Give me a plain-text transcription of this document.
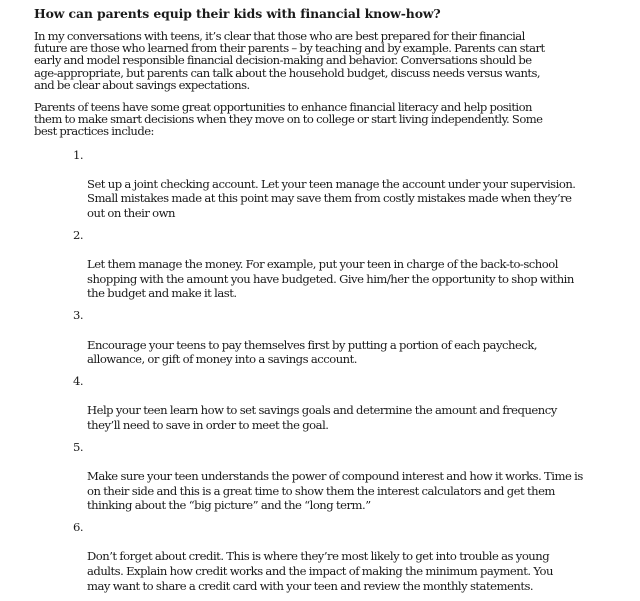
How can parents equip their kids with financial know-how?

In my conversations with teens, it’s clear that those who are best prepared for their financial
future are those who learned from their parents – by teaching and by example. Parents can start
early and model responsible financial decision-making and behavior. Conversations should be
age-appropriate, but parents can talk about the household budget, discuss needs versus wants,
and be clear about savings expectations.

Parents of teens have some great opportunities to enhance financial literacy and help position
them to make smart decisions when they move on to college or start living independently. Some
best practices include:

1.

Set up a joint checking account. Let your teen manage the account under your supervision.
Small mistakes made at this point may save them from costly mistakes made when they’re
out on their own

2.

Let them manage the money. For example, put your teen in charge of the back-to-school
shopping with the amount you have budgeted. Give him/her the opportunity to shop within
the budget and make it last.

3.

Encourage your teens to pay themselves first by putting a portion of each paycheck,
allowance, or gift of money into a savings account.

4.

Help your teen learn how to set savings goals and determine the amount and frequency
they’ll need to save in order to meet the goal.

5.

Make sure your teen understands the power of compound interest and how it works. Time is
on their side and this is a great time to show them the interest calculators and get them
thinking about the “big picture” and the “long term.”

6.

Don’t forget about credit. This is where they’re most likely to get into trouble as young
adults. Explain how credit works and the impact of making the minimum payment. You
may want to share a credit card with your teen and review the monthly statements.
